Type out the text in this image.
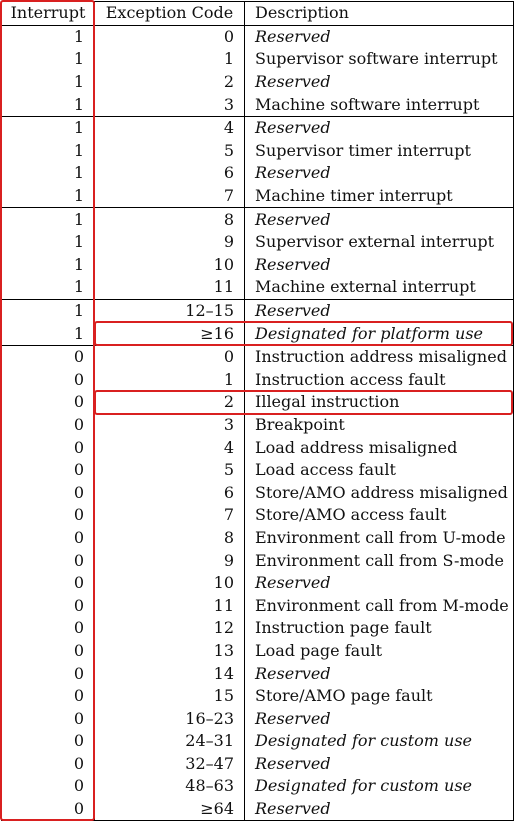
Interrupt	Exception Code	Description
1	0	Reserved
1	1	Supervisor software interrupt
1	2	Reserved
1	3	Machine software interrupt
1	4	Reserved
1	5	Supervisor timer interrupt
1	6	Reserved
1	7	Machine timer interrupt
1	8	Reserved
1	9	Supervisor external interrupt
1	10	Reserved
1	11	Machine external interrupt
1	12–15	Reserved
1	≥16	Designated for platform use
0	0	Instruction address misaligned
0	1	Instruction access fault
0	2	Illegal instruction
0	3	Breakpoint
0	4	Load address misaligned
0	5	Load access fault
0	6	Store/AMO address misaligned
0	7	Store/AMO access fault
0	8	Environment call from U-mode
0	9	Environment call from S-mode
0	10	Reserved
0	11	Environment call from M-mode
0	12	Instruction page fault
0	13	Load page fault
0	14	Reserved
0	15	Store/AMO page fault
0	16–23	Reserved
0	24–31	Designated for custom use
0	32–47	Reserved
0	48–63	Designated for custom use
0	≥64	Reserved
